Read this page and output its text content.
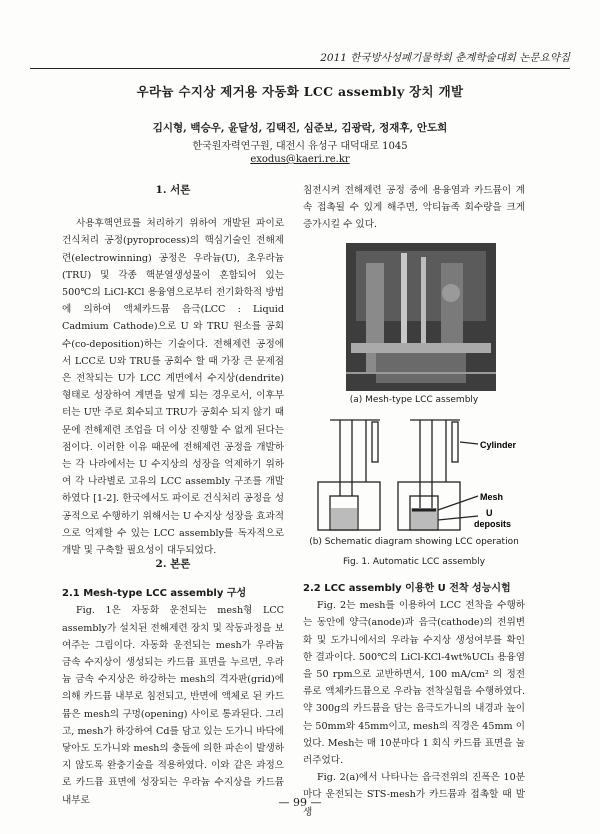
2011 한국방사성폐기물학회 춘계학술대회 논문요약집
우라늄 수지상 제거용 자동화 LCC assembly 장치 개발
김시형, 백승우, 윤달성, 김택진, 심준보, 김광락, 정재후, 안도희
한국원자력연구원, 대전시 유성구 대덕대로 1045
exodus@kaeri.re.kr
1. 서론

사용후핵연료를 처리하기 위하여 개발된 파이로 건식처리 공정(pyroprocess)의 핵심기술인 전해제련(electrowinning) 공정은 우라늄(U), 초우라늄(TRU) 및 각종 핵분열생성물이 혼합되어 있는 500℃의 LiCl-KCl 용융염으로부터 전기화학적 방법에 의하여 액체카드뮴 음극(LCC : Liquid Cadmium Cathode)으로 U 와 TRU 원소를 공회수(co-deposition)하는 기술이다. 전해제련 공정에서 LCC로 U와 TRU를 공회수 할 때 가장 큰 문제점은 전착되는 U가 LCC 계면에서 수지상(dendrite) 형태로 성장하여 계면을 덮게 되는 경우로서, 이후부터는 U만 주로 회수되고 TRU가 공회수 되지 않기 때문에 전해제련 조업을 더 이상 진행할 수 없게 된다는 점이다. 이러한 이유 때문에 전해제련 공정을 개발하는 각 나라에서는 U 수지상의 성장을 억제하기 위하여 각 나라별로 고유의 LCC assembly 구조를 개발하였다 [1-2]. 한국에서도 파이로 건식처리 공정을 성공적으로 수행하기 위해서는 U 수지상 성장을 효과적으로 억제할 수 있는 LCC assembly를 독자적으로 개발 및 구축할 필요성이 대두되었다.

2. 본론
2.1 Mesh-type LCC assembly 구성

Fig. 1은 자동화 운전되는 mesh형 LCC assembly가 설치된 전해제련 장치 및 작동과정을 보여주는 그림이다. 자동화 운전되는 mesh가 우라늄 금속 수지상이 생성되는 카드뮴 표면을 누르면, 우라늄 금속 수지상은 하강하는 mesh의 격자판(grid)에 의해 카드뮴 내부로 침전되고, 반면에 액체로 된 카드뮴은 mesh의 구멍(opening) 사이로 통과된다. 그리고, mesh가 하강하여 Cd를 담고 있는 도가니 바닥에 닿아도 도가니와 mesh의 충돌에 의한 파손이 발생하지 않도록 완충기술을 적용하였다. 이와 같은 과정으로 카드뮴 표면에 성장되는 우라늄 수지상을 카드뮴 내부로

침전시켜 전해제련 공정 중에 용융염과 카드뮴이 계속 접촉될 수 있게 해주면, 악티늄족 회수량을 크게 증가시킬 수 있다.

(a) Mesh-type LCC assembly
Cylinder
Mesh
U
deposits
(b) Schematic diagram showing LCC operation
Fig. 1. Automatic LCC assembly
2.2 LCC assembly 이용한 U 전착 성능시험

Fig. 2는 mesh를 이용하여 LCC 전착을 수행하는 동안에 양극(anode)과 음극(cathode)의 전위변화 및 도가니에서의 우라늄 수지상 생성여부를 확인한 결과이다. 500℃의 LiCl-KCl-4wt%UCl₃ 용융염을 50 rpm으로 교반하면서, 100 mA/cm² 의 정전류로 액체카드뮴으로 우라늄 전착실험을 수행하였다. 약 300g의 카드뮴을 담는 음극도가니의 내경과 높이는 50mm와 45mm이고, mesh의 직경은 45mm 이었다. Mesh는 매 10분마다 1 회식 카드뮴 표면을 눌러주었다.

Fig. 2(a)에서 나타나는 음극전위의 진폭은 10분마다 운전되는 STS-mesh가 카드뮴과 접촉할 때 발생

— 99 —
